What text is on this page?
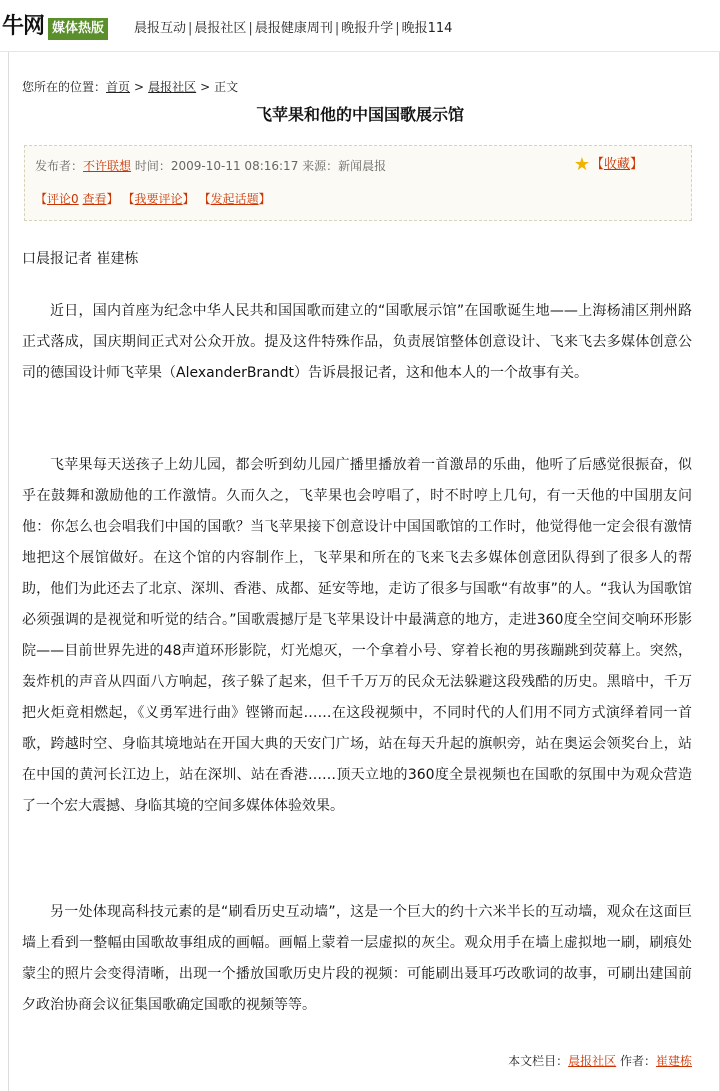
牛网 媒体热版	晨报互动 | 晨报社区 | 晨报健康周刊 | 晚报升学 | 晚报114
您所在的位置：首页 > 晨报社区 > 正文
飞苹果和他的中国国歌展示馆
发布者：不许联想 时间：2009-10-11 08:16:17 来源：新闻晨报	★【收藏】
【评论0 查看】 【我要评论】 【发起话题】
口晨报记者 崔建栋

近日，国内首座为纪念中华人民共和国国歌而建立的“国歌展示馆”在国歌诞生地——上海杨浦区荆州路正式落成，国庆期间正式对公众开放。提及这件特殊作品，负责展馆整体创意设计、飞来飞去多媒体创意公司的德国设计师飞苹果（AlexanderBrandt）告诉晨报记者，这和他本人的一个故事有关。

飞苹果每天送孩子上幼儿园，都会听到幼儿园广播里播放着一首激昂的乐曲，他听了后感觉很振奋，似乎在鼓舞和激励他的工作激情。久而久之，飞苹果也会哼唱了，时不时哼上几句，有一天他的中国朋友问他：你怎么也会唱我们中国的国歌？当飞苹果接下创意设计中国国歌馆的工作时，他觉得他一定会很有激情地把这个展馆做好。在这个馆的内容制作上，飞苹果和所在的飞来飞去多媒体创意团队得到了很多人的帮助，他们为此还去了北京、深圳、香港、成都、延安等地，走访了很多与国歌“有故事”的人。“我认为国歌馆必须强调的是视觉和听觉的结合。”国歌震撼厅是飞苹果设计中最满意的地方，走进360度全空间交响环形影院——目前世界先进的48声道环形影院，灯光熄灭，一个拿着小号、穿着长袍的男孩蹦跳到荧幕上。突然，轰炸机的声音从四面八方响起，孩子躲了起来，但千千万万的民众无法躲避这段残酷的历史。黑暗中，千万把火炬竟相燃起，《义勇军进行曲》铿锵而起……在这段视频中，不同时代的人们用不同方式演绎着同一首歌，跨越时空、身临其境地站在开国大典的天安门广场，站在每天升起的旗帜旁，站在奥运会领奖台上，站在中国的黄河长江边上，站在深圳、站在香港……顶天立地的360度全景视频也在国歌的氛围中为观众营造了一个宏大震撼、身临其境的空间多媒体体验效果。

另一处体现高科技元素的是“刷看历史互动墙”，这是一个巨大的约十六米半长的互动墙，观众在这面巨墙上看到一整幅由国歌故事组成的画幅。画幅上蒙着一层虚拟的灰尘。观众用手在墙上虚拟地一刷，刷痕处蒙尘的照片会变得清晰，出现一个播放国歌历史片段的视频：可能刷出聂耳巧改歌词的故事，可刷出建国前夕政治协商会议征集国歌确定国歌的视频等等。

本文栏目：晨报社区 作者：崔建栋
